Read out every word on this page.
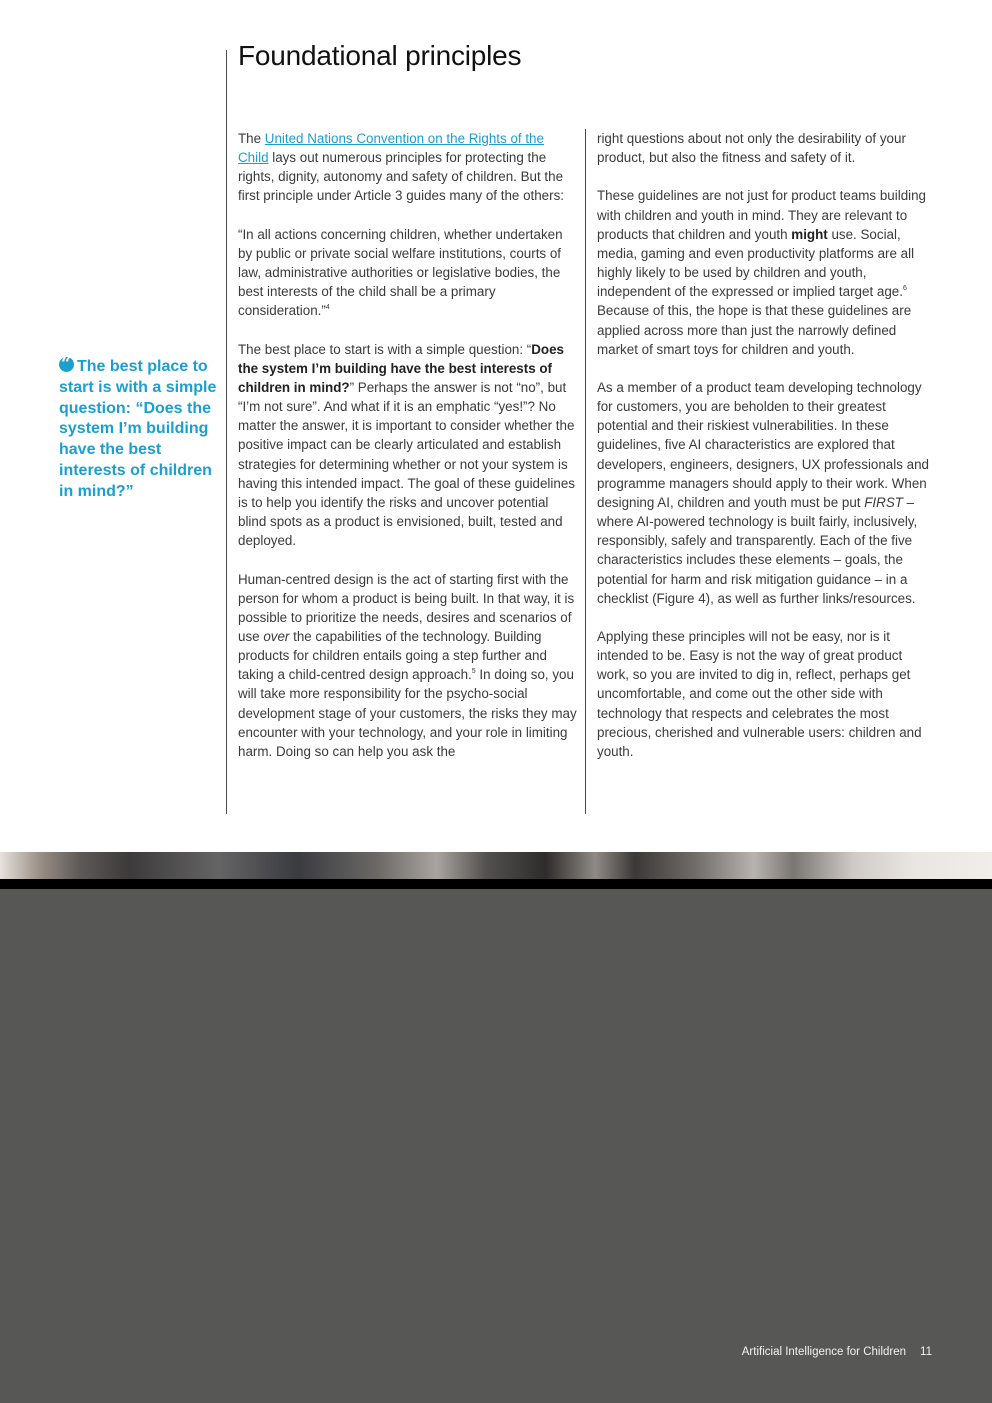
Foundational principles
“The best place to start is with a simple question: “Does the system I’m building have the best interests of children in mind?”

The United Nations Convention on the Rights of the Child lays out numerous principles for protecting the rights, dignity, autonomy and safety of children. But the first principle under Article 3 guides many of the others:

“In all actions concerning children, whether undertaken by public or private social welfare institutions, courts of law, administrative authorities or legislative bodies, the best interests of the child shall be a primary consideration.”$^4$

The best place to start is with a simple question: “Does the system I’m building have the best interests of children in mind?” Perhaps the answer is not “no”, but “I’m not sure”. And what if it is an emphatic “yes!”? No matter the answer, it is important to consider whether the positive impact can be clearly articulated and establish strategies for determining whether or not your system is having this intended impact. The goal of these guidelines is to help you identify the risks and uncover potential blind spots as a product is envisioned, built, tested and deployed.

Human-centred design is the act of starting first with the person for whom a product is being built. In that way, it is possible to prioritize the needs, desires and scenarios of use over the capabilities of the technology. Building products for children entails going a step further and taking a child-centred design approach.$^5$ In doing so, you will take more responsibility for the psycho-social development stage of your customers, the risks they may encounter with your technology, and your role in limiting harm. Doing so can help you ask the

right questions about not only the desirability of your product, but also the fitness and safety of it.

These guidelines are not just for product teams building with children and youth in mind. They are relevant to products that children and youth might use. Social, media, gaming and even productivity platforms are all highly likely to be used by children and youth, independent of the expressed or implied target age.$^6$ Because of this, the hope is that these guidelines are applied across more than just the narrowly defined market of smart toys for children and youth.

As a member of a product team developing technology for customers, you are beholden to their greatest potential and their riskiest vulnerabilities. In these guidelines, five AI characteristics are explored that developers, engineers, designers, UX professionals and programme managers should apply to their work. When designing AI, children and youth must be put FIRST – where AI-powered technology is built fairly, inclusively, responsibly, safely and transparently. Each of the five characteristics includes these elements – goals, the potential for harm and risk mitigation guidance – in a checklist (Figure 4), as well as further links/resources.

Applying these principles will not be easy, nor is it intended to be. Easy is not the way of great product work, so you are invited to dig in, reflect, perhaps get uncomfortable, and come out the other side with technology that respects and celebrates the most precious, cherished and vulnerable users: children and youth.

Artificial Intelligence for Children 11
